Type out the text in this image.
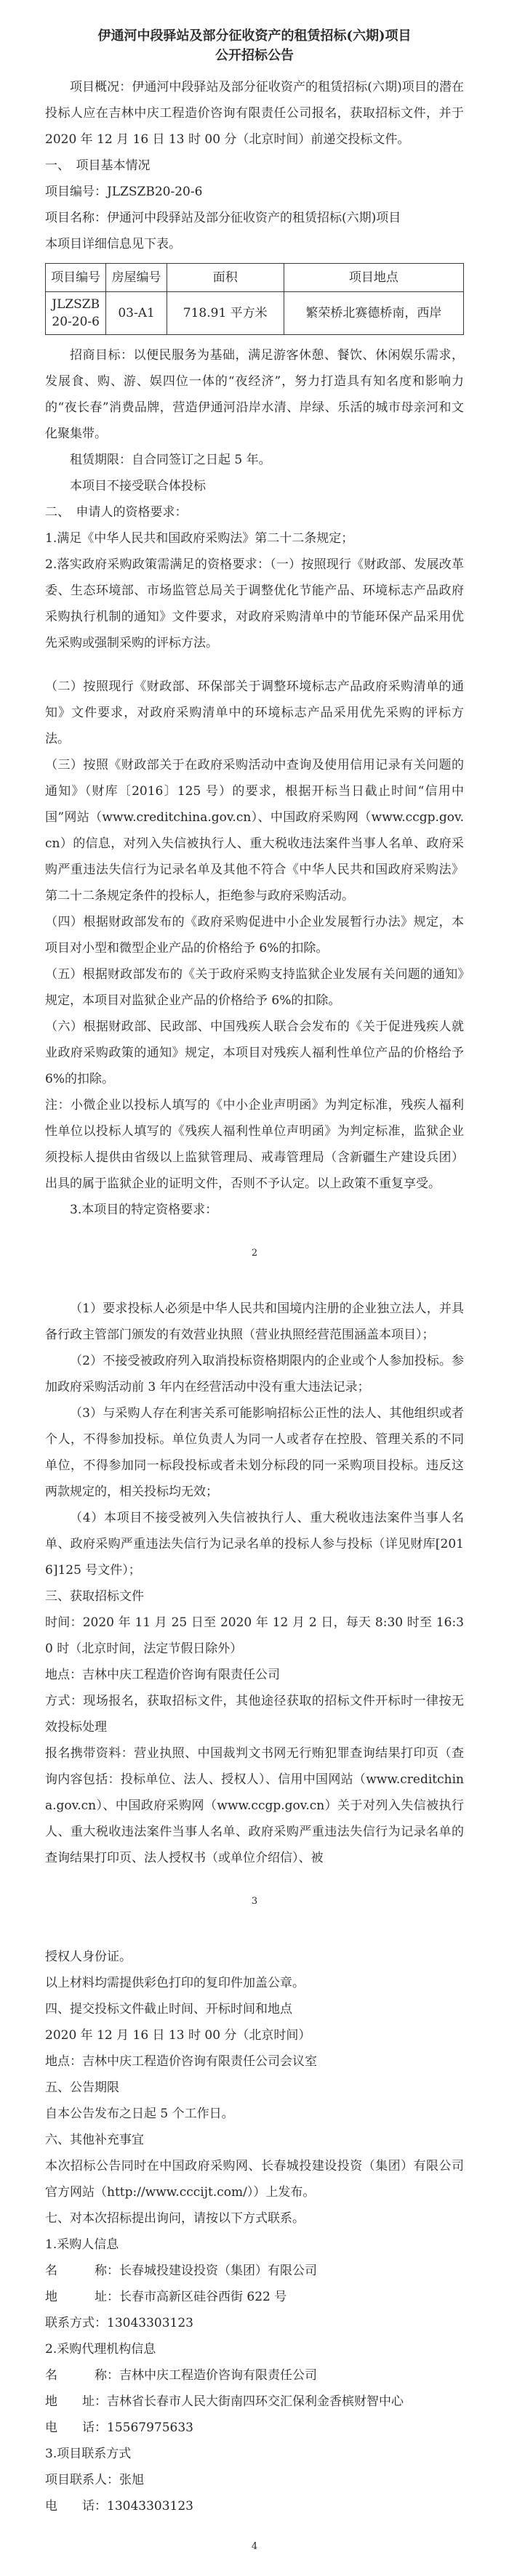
伊通河中段驿站及部分征收资产的租赁招标(六期)项目

公开招标公告

项目概况：伊通河中段驿站及部分征收资产的租赁招标(六期)项目的潜在投标人应在吉林中庆工程造价咨询有限责任公司报名，获取招标文件，并于 2020 年 12 月 16 日 13 时 00 分（北京时间）前递交投标文件。

一、　项目基本情况

项目编号：JLZSZB20-20-6

项目名称：伊通河中段驿站及部分征收资产的租赁招标(六期)项目

本项目详细信息见下表。

项目编号	房屋编号	面积	项目地点
JLZSZB20-20-6	03-A1	718.91 平方米	繁荣桥北赛德桥南，西岸

招商目标：以便民服务为基础，满足游客休憩、餐饮、休闲娱乐需求，发展食、购、游、娱四位一体的“夜经济”，努力打造具有知名度和影响力的“夜长春”消费品牌，营造伊通河沿岸水清、岸绿、乐活的城市母亲河和文化聚集带。

租赁期限：自合同签订之日起 5 年。

本项目不接受联合体投标

二、　申请人的资格要求：

1.满足《中华人民共和国政府采购法》第二十二条规定；

2.落实政府采购政策需满足的资格要求：（一）按照现行《财政部、发展改革委、生态环境部、市场监管总局关于调整优化节能产品、环境标志产品政府采购执行机制的通知》文件要求，对政府采购清单中的节能环保产品采用优先采购或强制采购的评标方法。

（二）按照现行《财政部、环保部关于调整环境标志产品政府采购清单的通知》文件要求，对政府采购清单中的环境标志产品采用优先采购的评标方法。

（三）按照《财政部关于在政府采购活动中查询及使用信用记录有关问题的通知》（财库〔2016〕125 号）的要求，根据开标当日截止时间“信用中国”网站（www.creditchina.gov.cn）、中国政府采购网（www.ccgp.gov.cn）的信息，对列入失信被执行人、重大税收违法案件当事人名单、政府采购严重违法失信行为记录名单及其他不符合《中华人民共和国政府采购法》第二十二条规定条件的投标人，拒绝参与政府采购活动。

（四）根据财政部发布的《政府采购促进中小企业发展暂行办法》规定，本项目对小型和微型企业产品的价格给予 6%的扣除。

（五）根据财政部发布的《关于政府采购支持监狱企业发展有关问题的通知》规定，本项目对监狱企业产品的价格给予 6%的扣除。

（六）根据财政部、民政部、中国残疾人联合会发布的《关于促进残疾人就业政府采购政策的通知》规定，本项目对残疾人福利性单位产品的价格给予 6%的扣除。

注：小微企业以投标人填写的《中小企业声明函》为判定标准，残疾人福利性单位以投标人填写的《残疾人福利性单位声明函》为判定标准，监狱企业须投标人提供由省级以上监狱管理局、戒毒管理局（含新疆生产建设兵团）出具的属于监狱企业的证明文件，否则不予认定。以上政策不重复享受。

3.本项目的特定资格要求：

2

（1）要求投标人必须是中华人民共和国境内注册的企业独立法人，并具备行政主管部门颁发的有效营业执照（营业执照经营范围涵盖本项目）；

（2）不接受被政府列入取消投标资格期限内的企业或个人参加投标。参加政府采购活动前 3 年内在经营活动中没有重大违法记录；

（3）与采购人存在利害关系可能影响招标公正性的法人、其他组织或者个人，不得参加投标。单位负责人为同一人或者存在控股、管理关系的不同单位，不得参加同一标段投标或者未划分标段的同一采购项目投标。违反这两款规定的，相关投标均无效；

（4）本项目不接受被列入失信被执行人、重大税收违法案件当事人名单、政府采购严重违法失信行为记录名单的投标人参与投标（详见财库[2016]125 号文件）；

三、获取招标文件

时间：2020 年 11 月 25 日至 2020 年 12 月 2 日，每天 8:30 时至 16:30 时（北京时间，法定节假日除外）

地点：吉林中庆工程造价咨询有限责任公司

方式：现场报名，获取招标文件，其他途径获取的招标文件开标时一律按无效投标处理

报名携带资料：营业执照、中国裁判文书网无行贿犯罪查询结果打印页（查询内容包括：投标单位、法人、授权人）、信用中国网站（www.creditchina.gov.cn）、中国政府采购网（www.ccgp.gov.cn）关于对列入失信被执行人、重大税收违法案件当事人名单、政府采购严重违法失信行为记录名单的查询结果打印页、法人授权书（或单位介绍信）、被

3

授权人身份证。

以上材料均需提供彩色打印的复印件加盖公章。

四、提交投标文件截止时间、开标时间和地点

2020 年 12 月 16 日 13 时 00 分（北京时间）

地点：吉林中庆工程造价咨询有限责任公司会议室

五、公告期限

自本公告发布之日起 5 个工作日。

六、其他补充事宜

本次招标公告同时在中国政府采购网、长春城投建设投资（集团）有限公司官方网站（http://www.cccijt.com/））上发布。

七、对本次招标提出询问，请按以下方式联系。

1.采购人信息

名　　　称：长春城投建设投资（集团）有限公司

地　　　址：长春市高新区硅谷西街 622 号

联系方式：13043303123

2.采购代理机构信息

名　　　称：吉林中庆工程造价咨询有限责任公司

地　　址：吉林省长春市人民大街南四环交汇保利金香槟财智中心

电　　话：15567975633

3.项目联系方式

项目联系人：张旭

电　　话：13043303123

4
